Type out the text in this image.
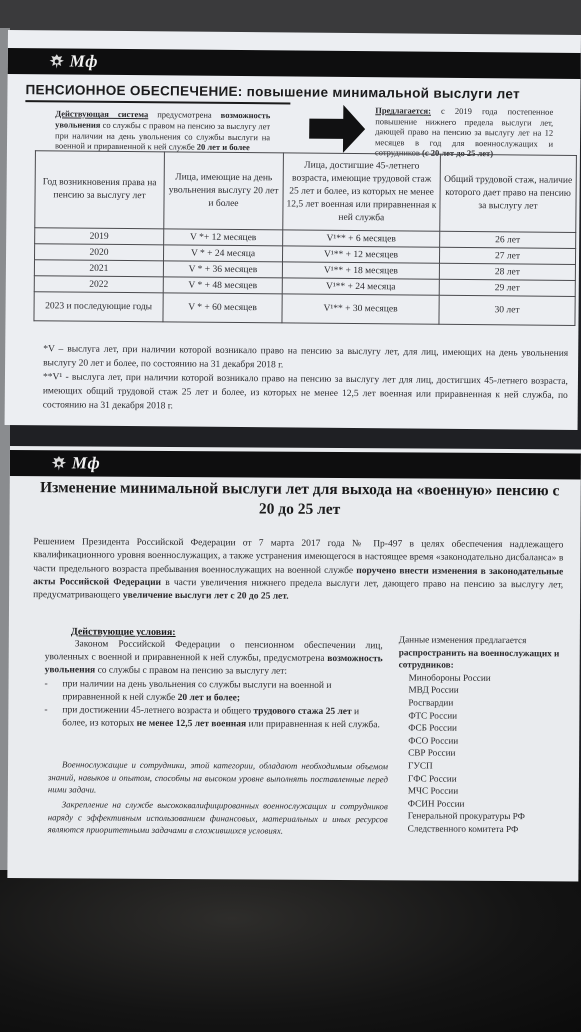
Мф
ПЕНСИОННОЕ ОБЕСПЕЧЕНИЕ: повышение минимальной выслуги лет
Действующая система предусмотрена возможность увольнения со службы с правом на пенсию за выслугу лет при наличии на день увольнения со службы выслуги на военной и приравненной к ней службе 20 лет и более
Предлагается: с 2019 года постепенное повышение нижнего предела выслуги лет, дающей право на пенсию за выслугу лет на 12 месяцев в год для военнослужащих и сотрудников (с 20 лет до 25 лет)
Год возникновения права на пенсию за выслугу лет	Лица, имеющие на день увольнения выслугу 20 лет и более	Лица, достигшие 45-летнего возраста, имеющие трудовой стаж 25 лет и более, из которых не менее 12,5 лет военная или приравненная к ней служба	Общий трудовой стаж, наличие которого дает право на пенсию за выслугу лет
2019	V *+ 12 месяцев	V¹** + 6 месяцев	26 лет
2020	V * + 24 месяца	V¹** + 12 месяцев	27 лет
2021	V * + 36 месяцев	V¹** + 18 месяцев	28 лет
2022	V * + 48 месяцев	V¹** + 24 месяца	29 лет
2023 и последующие годы	V * + 60 месяцев	V¹** + 30 месяцев	30 лет
*V – выслуга лет, при наличии которой возникало право на пенсию за выслугу лет, для лиц, имеющих на день увольнения выслугу 20 лет и более, по состоянию на 31 декабря 2018 г.
**V¹ - выслуга лет, при наличии которой возникало право на пенсию за выслугу лет для лиц, достигших 45-летнего возраста, имеющих общий трудовой стаж 25 лет и более, из которых не менее 12,5 лет военная или приравненная к ней служба, по состоянию на 31 декабря 2018 г.
Мф
Изменение минимальной выслуги лет для выхода на «военную» пенсию с 20 до 25 лет
Решением Президента Российской Федерации от 7 марта 2017 года № Пр-497 в целях обеспечения надлежащего квалификационного уровня военнослужащих, а также устранения имеющегося в настоящее время «законодательно дисбаланса» в части предельного возраста пребывания военнослужащих на военной службе поручено внести изменения в законодательные акты Российской Федерации в части увеличения нижнего предела выслуги лет, дающего право на пенсию за выслугу лет, предусматривающего увеличение выслуги лет с 20 до 25 лет.
Действующие условия:
Законом Российской Федерации о пенсионном обеспечении лиц, уволенных с военной и приравненной к ней службы, предусмотрена возможность увольнения со службы с правом на пенсию за выслугу лет:
- при наличии на день увольнения со службы выслуги на военной и приравненной к ней службе 20 лет и более;
- при достижении 45-летнего возраста и общего трудового стажа 25 лет и более, из которых не менее 12,5 лет военная или приравненная к ней служба.
Военнослужащие и сотрудники, этой категории, обладают необходимым объемом знаний, навыков и опытом, способны на высоком уровне выполнять поставленные перед ними задачи.
Закрепление на службе высококвалифицированных военнослужащих и сотрудников наряду с эффективным использованием финансовых, материальных и иных ресурсов являются приоритетными задачами в сложившихся условиях.
Данные изменения предлагается распространить на военнослужащих и сотрудников:
Минобороны России
МВД России
Росгвардии
ФТС России
ФСБ России
ФСО России
СВР России
ГУСП
ГФС России
МЧС России
ФСИН России
Генеральной прокуратуры РФ
Следственного комитета РФ
